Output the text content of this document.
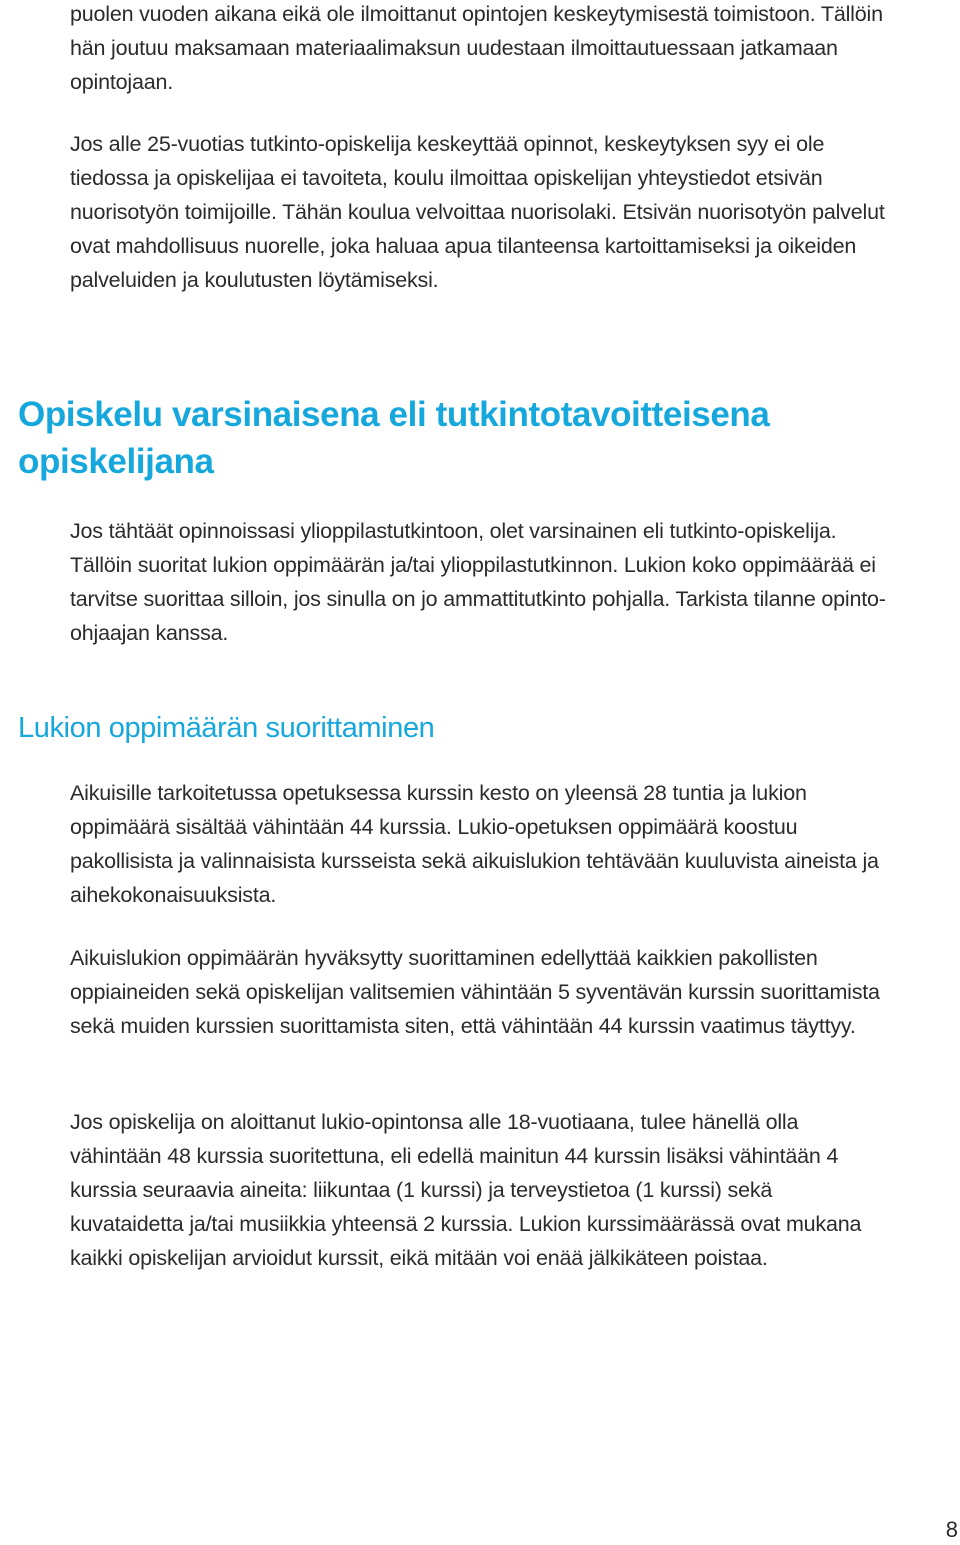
puolen vuoden aikana eikä ole ilmoittanut opintojen keskeytymisestä toimistoon. Tällöin hän joutuu maksamaan materiaalimaksun uudestaan ilmoittautuessaan jatkamaan opintojaan.

Jos alle 25-vuotias tutkinto-opiskelija keskeyttää opinnot, keskeytyksen syy ei ole tiedossa ja opiskelijaa ei tavoiteta, koulu ilmoittaa opiskelijan yhteystiedot etsivän nuorisotyön toimijoille. Tähän koulua velvoittaa nuorisolaki. Etsivän nuorisotyön palvelut ovat mahdollisuus nuorelle, joka haluaa apua tilanteensa kartoittamiseksi ja oikeiden palveluiden ja koulutusten löytämiseksi.

Opiskelu varsinaisena eli tutkintotavoitteisena opiskelijana

Jos tähtäät opinnoissasi ylioppilastutkintoon, olet varsinainen eli tutkinto-opiskelija. Tällöin suoritat lukion oppimäärän ja/tai ylioppilastutkinnon. Lukion koko oppimäärää ei tarvitse suorittaa silloin, jos sinulla on jo ammattitutkinto pohjalla. Tarkista tilanne opinto-ohjaajan kanssa.

Lukion oppimäärän suorittaminen

Aikuisille tarkoitetussa opetuksessa kurssin kesto on yleensä 28 tuntia ja lukion oppimäärä sisältää vähintään 44 kurssia. Lukio-opetuksen oppimäärä koostuu pakollisista ja valinnaisista kursseista sekä aikuislukion tehtävään kuuluvista aineista ja aihekokonaisuuksista.

Aikuislukion oppimäärän hyväksytty suorittaminen edellyttää kaikkien pakollisten oppiaineiden sekä opiskelijan valitsemien vähintään 5 syventävän kurssin suorittamista sekä muiden kurssien suorittamista siten, että vähintään 44 kurssin vaatimus täyttyy.

Jos opiskelija on aloittanut lukio-opintonsa alle 18-vuotiaana, tulee hänellä olla vähintään 48 kurssia suoritettuna, eli edellä mainitun 44 kurssin lisäksi vähintään 4 kurssia seuraavia aineita: liikuntaa (1 kurssi) ja terveystietoa (1 kurssi) sekä kuvataidetta ja/tai musiikkia yhteensä 2 kurssia. Lukion kurssimäärässä ovat mukana kaikki opiskelijan arvioidut kurssit, eikä mitään voi enää jälkikäteen poistaa.

8
